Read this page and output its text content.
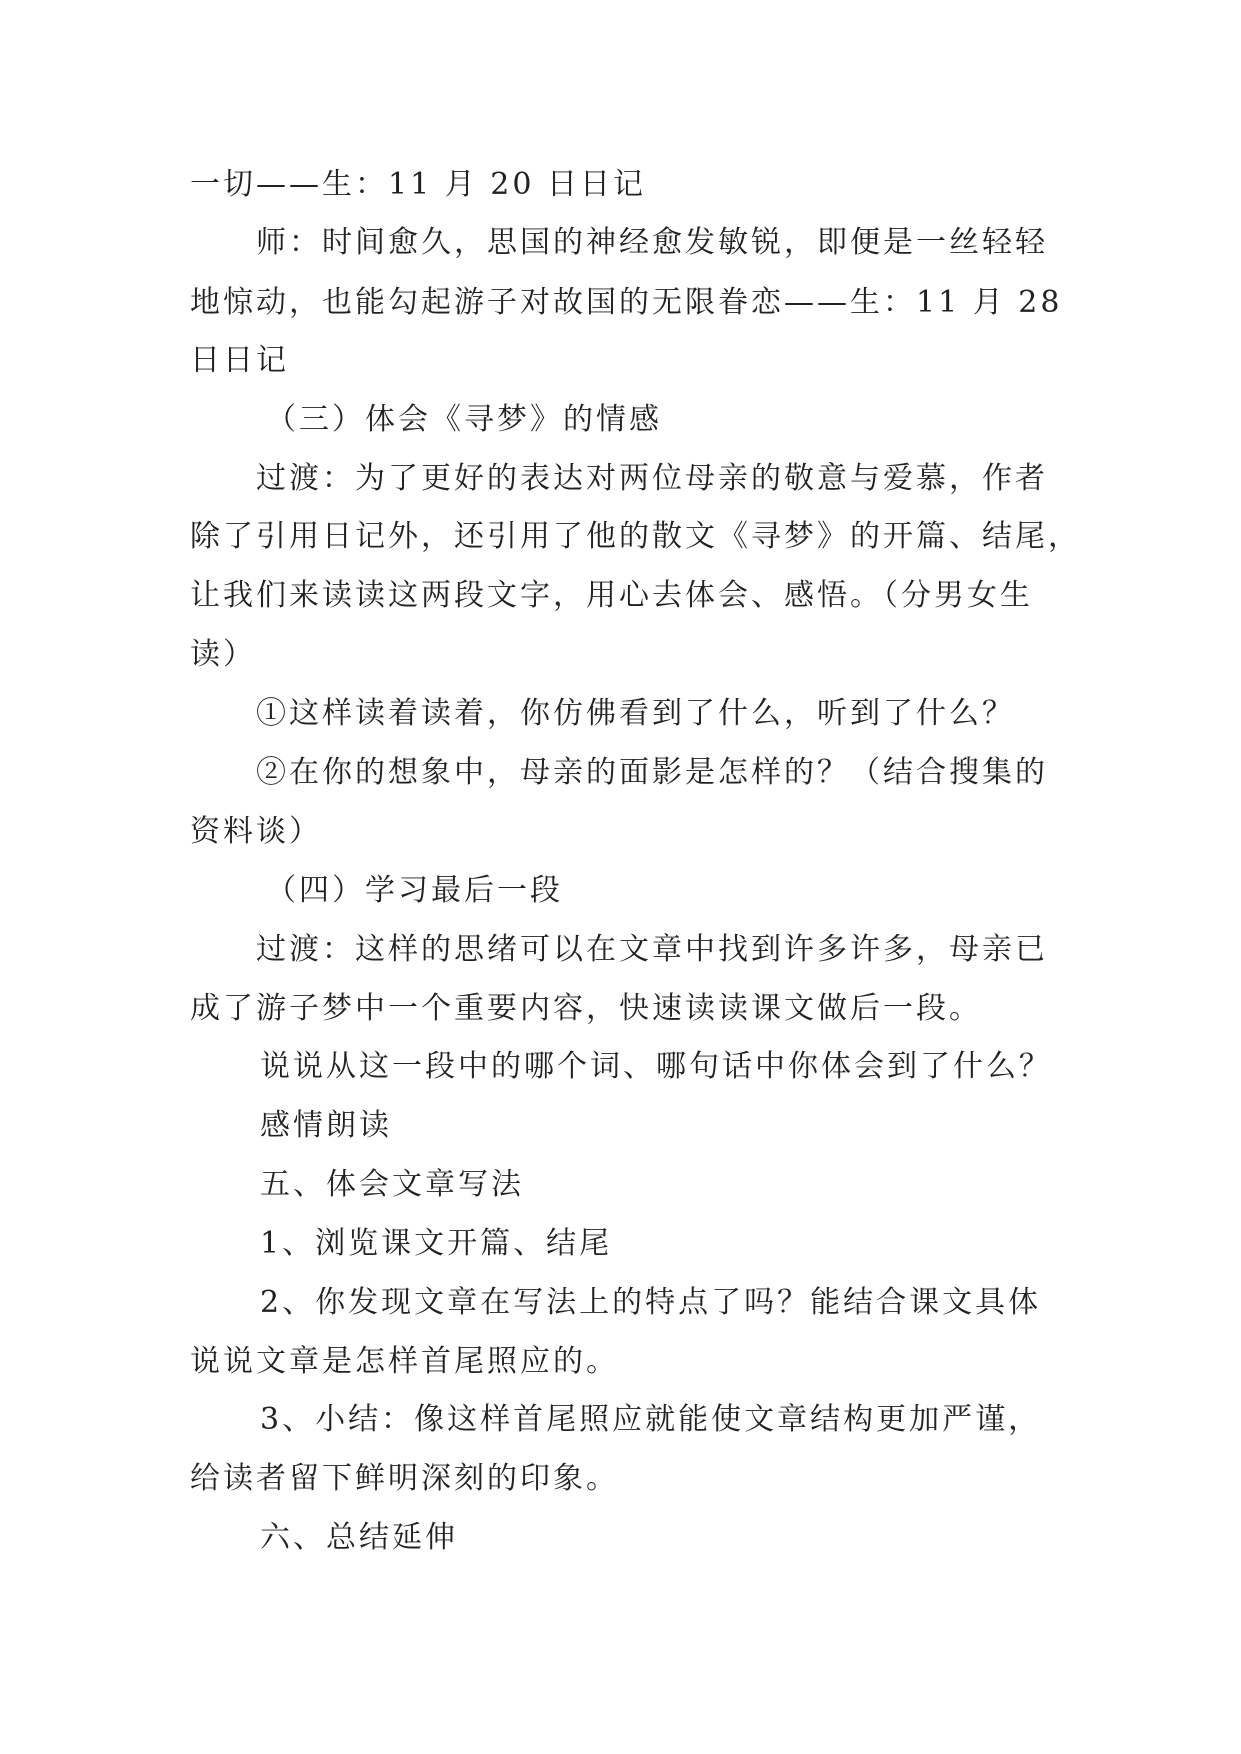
一切——生：11 月 20 日日记
师：时间愈久，思国的神经愈发敏锐，即便是一丝轻轻
地惊动，也能勾起游子对故国的无限眷恋——生：11 月 28
日日记
（三）体会《寻梦》的情感
过渡：为了更好的表达对两位母亲的敬意与爱慕，作者
除了引用日记外，还引用了他的散文《寻梦》的开篇、结尾，
让我们来读读这两段文字，用心去体会、感悟。（分男女生
读）
①这样读着读着，你仿佛看到了什么，听到了什么？
②在你的想象中，母亲的面影是怎样的？（结合搜集的
资料谈）
（四）学习最后一段
过渡：这样的思绪可以在文章中找到许多许多，母亲已
成了游子梦中一个重要内容，快速读读课文做后一段。
说说从这一段中的哪个词、哪句话中你体会到了什么？
感情朗读
五、体会文章写法
1、浏览课文开篇、结尾
2、你发现文章在写法上的特点了吗？能结合课文具体
说说文章是怎样首尾照应的。
3、小结：像这样首尾照应就能使文章结构更加严谨，
给读者留下鲜明深刻的印象。
六、总结延伸
